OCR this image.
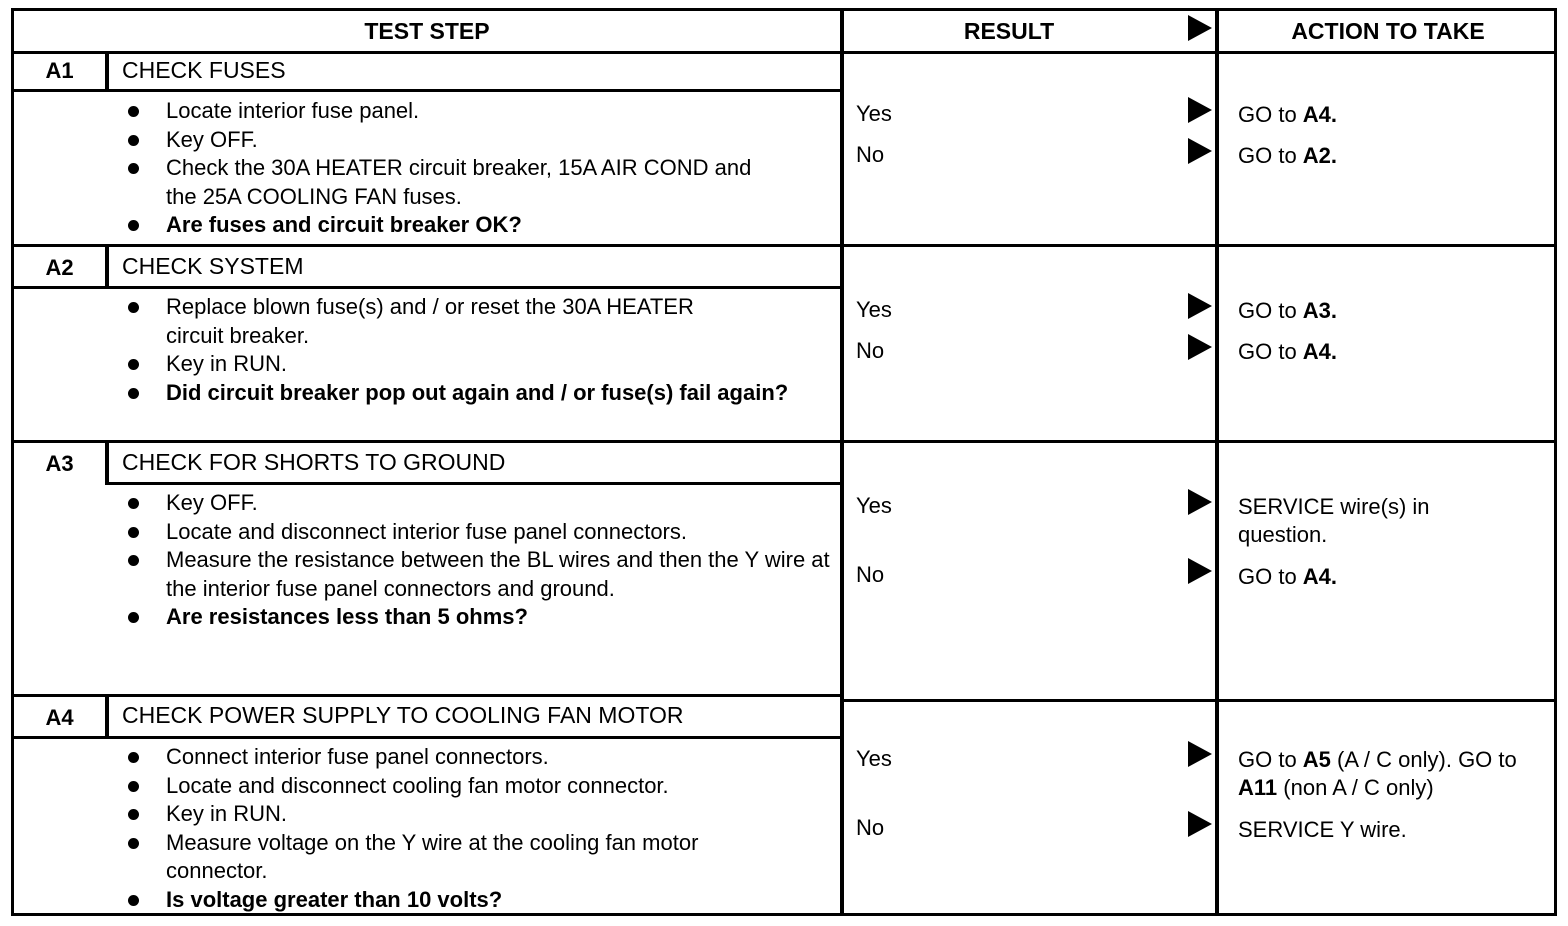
TEST STEP	RESULT	ACTION TO TAKE
A1	CHECK FUSES
Locate interior fuse panel.
Key OFF.
Check the 30A HEATER circuit breaker, 15A AIR COND and the 25A COOLING FAN fuses.
Are fuses and circuit breaker OK?
Yes	GO to A4.
No	GO to A2.
A2	CHECK SYSTEM
Replace blown fuse(s) and / or reset the 30A HEATER circuit breaker.
Key in RUN.
Did circuit breaker pop out again and / or fuse(s) fail again?
Yes	GO to A3.
No	GO to A4.
A3	CHECK FOR SHORTS TO GROUND
Key OFF.
Locate and disconnect interior fuse panel connectors.
Measure the resistance between the BL wires and then the Y wire at the interior fuse panel connectors and ground.
Are resistances less than 5 ohms?
Yes	SERVICE wire(s) in question.
No	GO to A4.
A4	CHECK POWER SUPPLY TO COOLING FAN MOTOR
Connect interior fuse panel connectors.
Locate and disconnect cooling fan motor connector.
Key in RUN.
Measure voltage on the Y wire at the cooling fan motor connector.
Is voltage greater than 10 volts?
Yes	GO to A5 (A / C only). GO to A11 (non A / C only)
No	SERVICE Y wire.
